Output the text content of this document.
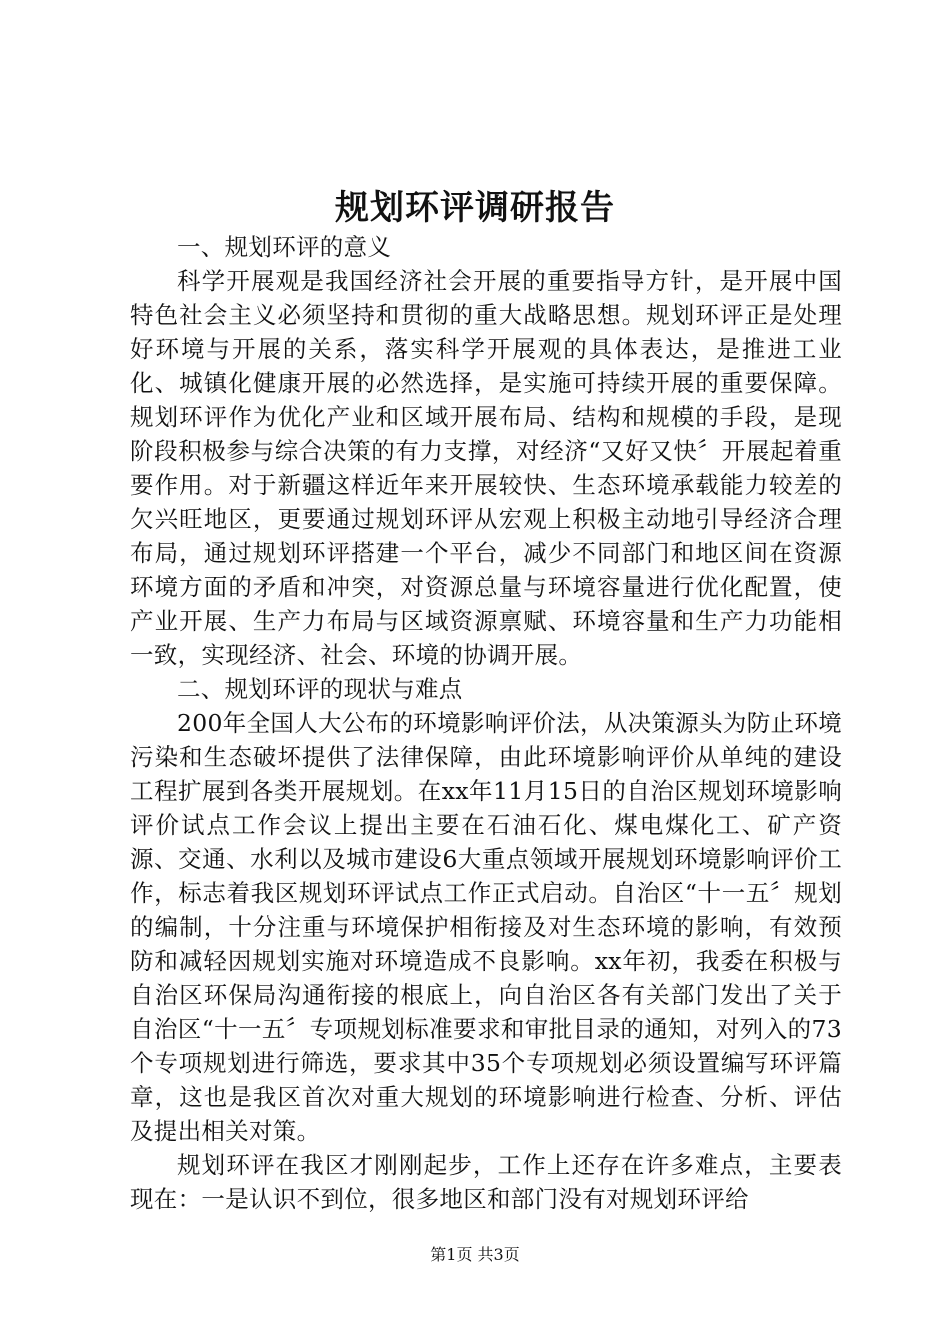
规划环评调研报告

一、规划环评的意义

科学开展观是我国经济社会开展的重要指导方针，是开展中国特色社会主义必须坚持和贯彻的重大战略思想。规划环评正是处理好环境与开展的关系，落实科学开展观的具体表达，是推进工业化、城镇化健康开展的必然选择，是实施可持续开展的重要保障。规划环评作为优化产业和区域开展布局、结构和规模的手段，是现阶段积极参与综合决策的有力支撑，对经济“又好又快〞开展起着重要作用。对于新疆这样近年来开展较快、生态环境承载能力较差的欠兴旺地区，更要通过规划环评从宏观上积极主动地引导经济合理布局，通过规划环评搭建一个平台，减少不同部门和地区间在资源环境方面的矛盾和冲突，对资源总量与环境容量进行优化配置，使产业开展、生产力布局与区域资源禀赋、环境容量和生产力功能相一致，实现经济、社会、环境的协调开展。

二、规划环评的现状与难点

200年全国人大公布的环境影响评价法，从决策源头为防止环境污染和生态破坏提供了法律保障，由此环境影响评价从单纯的建设工程扩展到各类开展规划。在xx年11月15日的自治区规划环境影响评价试点工作会议上提出主要在石油石化、煤电煤化工、矿产资源、交通、水利以及城市建设6大重点领域开展规划环境影响评价工作，标志着我区规划环评试点工作正式启动。自治区“十一五〞规划的编制，十分注重与环境保护相衔接及对生态环境的影响，有效预防和减轻因规划实施对环境造成不良影响。xx年初，我委在积极与自治区环保局沟通衔接的根底上，向自治区各有关部门发出了关于自治区“十一五〞专项规划标准要求和审批目录的通知，对列入的73个专项规划进行筛选，要求其中35个专项规划必须设置编写环评篇章，这也是我区首次对重大规划的环境影响进行检查、分析、评估及提出相关对策。

规划环评在我区才刚刚起步，工作上还存在许多难点，主要表现在：一是认识不到位，很多地区和部门没有对规划环评给

第1页 共3页
